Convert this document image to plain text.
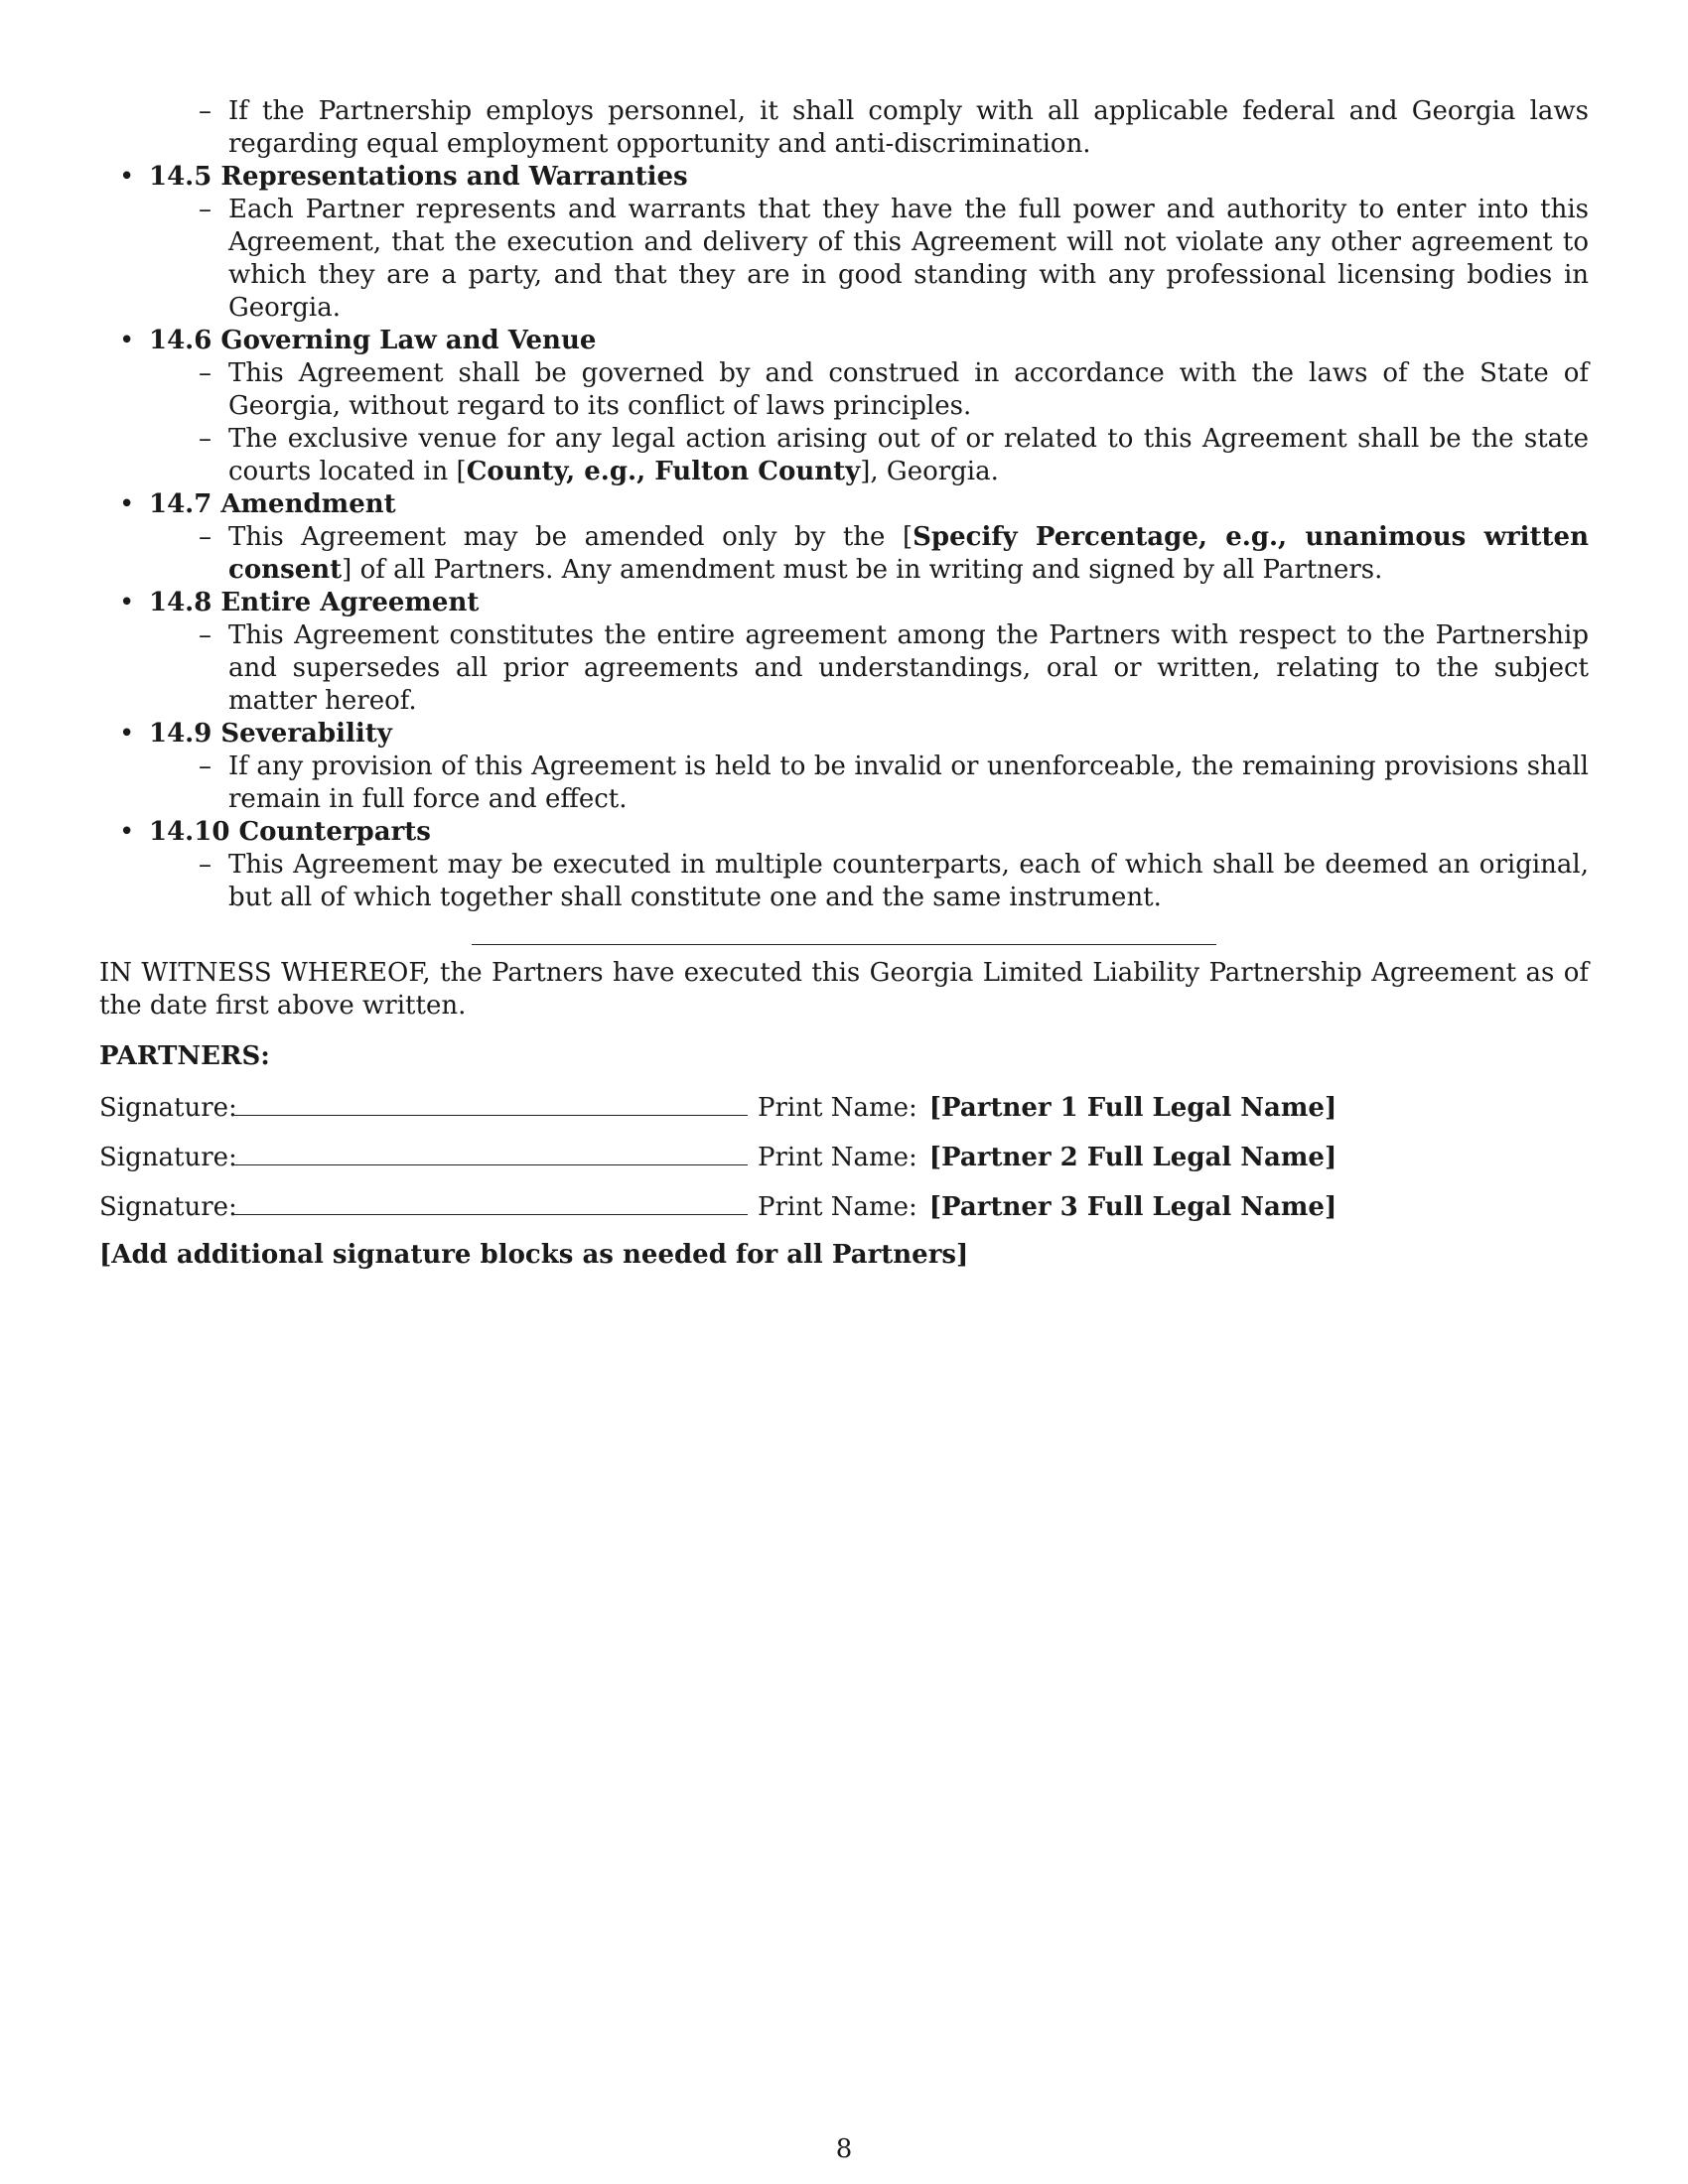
– If the Partnership employs personnel, it shall comply with all applicable federal and Georgia laws regarding equal employment opportunity and anti-discrimination.
• 14.5 Representations and Warranties
– Each Partner represents and warrants that they have the full power and authority to enter into this Agreement, that the execution and delivery of this Agreement will not violate any other agreement to which they are a party, and that they are in good standing with any professional licensing bodies in Georgia.
• 14.6 Governing Law and Venue
– This Agreement shall be governed by and construed in accordance with the laws of the State of Georgia, without regard to its conflict of laws principles.
– The exclusive venue for any legal action arising out of or related to this Agreement shall be the state courts located in [County, e.g., Fulton County], Georgia.
• 14.7 Amendment
– This Agreement may be amended only by the [Specify Percentage, e.g., unanimous written consent] of all Partners. Any amendment must be in writing and signed by all Partners.
• 14.8 Entire Agreement
– This Agreement constitutes the entire agreement among the Partners with respect to the Partnership and supersedes all prior agreements and understandings, oral or written, relating to the subject matter hereof.
• 14.9 Severability
– If any provision of this Agreement is held to be invalid or unenforceable, the remaining provisions shall remain in full force and effect.
• 14.10 Counterparts
– This Agreement may be executed in multiple counterparts, each of which shall be deemed an original, but all of which together shall constitute one and the same instrument.

IN WITNESS WHEREOF, the Partners have executed this Georgia Limited Liability Partnership Agreement as of the date first above written.

PARTNERS:
Signature:	Print Name: [Partner 1 Full Legal Name]
Signature:	Print Name: [Partner 2 Full Legal Name]
Signature:	Print Name: [Partner 3 Full Legal Name]
[Add additional signature blocks as needed for all Partners]
8
